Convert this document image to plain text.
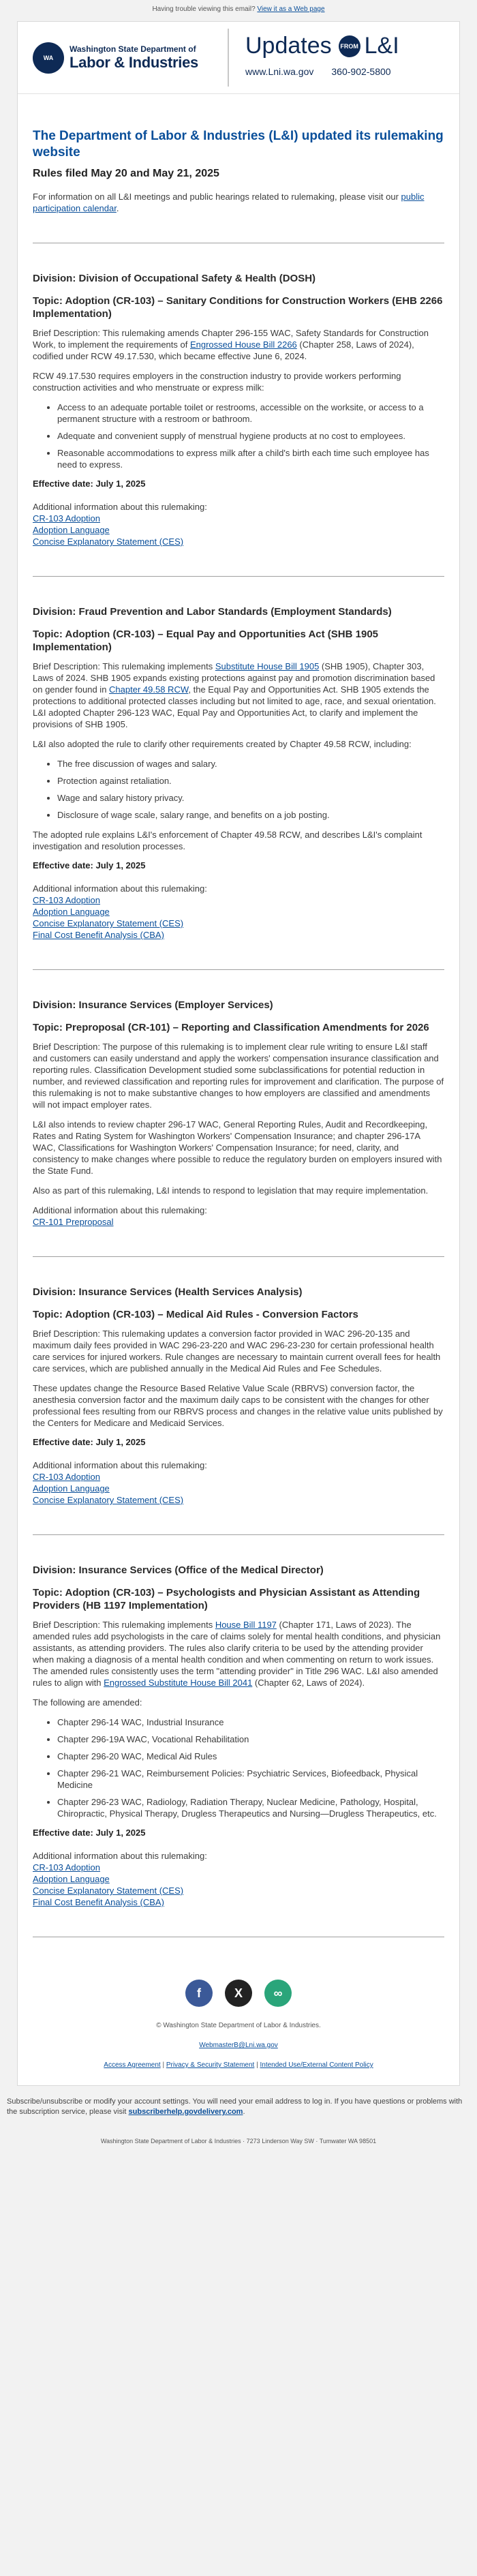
Having trouble viewing this email? View it as a Web page
WA
Washington State Department of
Labor & Industries
Updates	FROM L&I
www.Lni.wa.gov 360-902-5800
The Department of Labor & Industries (L&I) updated its rulemaking website
Rules filed May 20 and May 21, 2025

For information on all L&I meetings and public hearings related to rulemaking, please visit our public participation calendar.

Division: Division of Occupational Safety & Health (DOSH)
Topic: Adoption (CR-103) – Sanitary Conditions for Construction Workers (EHB 2266 Implementation)

Brief Description: This rulemaking amends Chapter 296-155 WAC, Safety Standards for Construction Work, to implement the requirements of Engrossed House Bill 2266 (Chapter 258, Laws of 2024), codified under RCW 49.17.530, which became effective June 6, 2024.

RCW 49.17.530 requires employers in the construction industry to provide workers performing construction activities and who menstruate or express milk:

• Access to an adequate portable toilet or restrooms, accessible on the worksite, or access to a permanent structure with a restroom or bathroom.
• Adequate and convenient supply of menstrual hygiene products at no cost to employees.
• Reasonable accommodations to express milk after a child's birth each time such employee has need to express.
Effective date: July 1, 2025

Additional information about this rulemaking:

CR-103 Adoption
Adoption Language
Concise Explanatory Statement (CES)
Division: Fraud Prevention and Labor Standards (Employment Standards)
Topic: Adoption (CR-103) – Equal Pay and Opportunities Act (SHB 1905 Implementation)

Brief Description: This rulemaking implements Substitute House Bill 1905 (SHB 1905), Chapter 303, Laws of 2024. SHB 1905 expands existing protections against pay and promotion discrimination based on gender found in Chapter 49.58 RCW, the Equal Pay and Opportunities Act. SHB 1905 extends the protections to additional protected classes including but not limited to age, race, and sexual orientation. L&I adopted Chapter 296-123 WAC, Equal Pay and Opportunities Act, to clarify and implement the provisions of SHB 1905.

L&I also adopted the rule to clarify other requirements created by Chapter 49.58 RCW, including:

• The free discussion of wages and salary.
• Protection against retaliation.
• Wage and salary history privacy.
• Disclosure of wage scale, salary range, and benefits on a job posting.

The adopted rule explains L&I's enforcement of Chapter 49.58 RCW, and describes L&I's complaint investigation and resolution processes.

Effective date: July 1, 2025

Additional information about this rulemaking:

CR-103 Adoption
Adoption Language
Concise Explanatory Statement (CES)
Final Cost Benefit Analysis (CBA)
Division: Insurance Services (Employer Services)
Topic: Preproposal (CR-101) – Reporting and Classification Amendments for 2026

Brief Description: The purpose of this rulemaking is to implement clear rule writing to ensure L&I staff and customers can easily understand and apply the workers' compensation insurance classification and reporting rules. Classification Development studied some subclassifications for potential reduction in number, and reviewed classification and reporting rules for improvement and clarification. The purpose of this rulemaking is not to make substantive changes to how employers are classified and amendments will not impact employer rates.

L&I also intends to review chapter 296-17 WAC, General Reporting Rules, Audit and Recordkeeping, Rates and Rating System for Washington Workers' Compensation Insurance; and chapter 296-17A WAC, Classifications for Washington Workers' Compensation Insurance; for need, clarity, and consistency to make changes where possible to reduce the regulatory burden on employers insured with the State Fund.

Also as part of this rulemaking, L&I intends to respond to legislation that may require implementation.

Additional information about this rulemaking:

CR-101 Preproposal
Division: Insurance Services (Health Services Analysis)
Topic: Adoption (CR-103) – Medical Aid Rules - Conversion Factors

Brief Description: This rulemaking updates a conversion factor provided in WAC 296-20-135 and maximum daily fees provided in WAC 296-23-220 and WAC 296-23-230 for certain professional health care services for injured workers. Rule changes are necessary to maintain current overall fees for health care services, which are published annually in the Medical Aid Rules and Fee Schedules.

These updates change the Resource Based Relative Value Scale (RBRVS) conversion factor, the anesthesia conversion factor and the maximum daily caps to be consistent with the changes for other professional fees resulting from our RBRVS process and changes in the relative value units published by the Centers for Medicare and Medicaid Services.

Effective date: July 1, 2025

Additional information about this rulemaking:

CR-103 Adoption
Adoption Language
Concise Explanatory Statement (CES)
Division: Insurance Services (Office of the Medical Director)
Topic: Adoption (CR-103) – Psychologists and Physician Assistant as Attending Providers (HB 1197 Implementation)

Brief Description: This rulemaking implements House Bill 1197 (Chapter 171, Laws of 2023). The amended rules add psychologists in the care of claims solely for mental health conditions, and physician assistants, as attending providers. The rules also clarify criteria to be used by the attending provider when making a diagnosis of a mental health condition and when commenting on return to work issues. The amended rules consistently uses the term "attending provider" in Title 296 WAC. L&I also amended rules to align with Engrossed Substitute House Bill 2041 (Chapter 62, Laws of 2024).

The following are amended:

• Chapter 296-14 WAC, Industrial Insurance
• Chapter 296-19A WAC, Vocational Rehabilitation
• Chapter 296-20 WAC, Medical Aid Rules
• Chapter 296-21 WAC, Reimbursement Policies: Psychiatric Services, Biofeedback, Physical Medicine
• Chapter 296-23 WAC, Radiology, Radiation Therapy, Nuclear Medicine, Pathology, Hospital, Chiropractic, Physical Therapy, Drugless Therapeutics and Nursing—Drugless Therapeutics, etc.
Effective date: July 1, 2025

Additional information about this rulemaking:

CR-103 Adoption
Adoption Language
Concise Explanatory Statement (CES)
Final Cost Benefit Analysis (CBA)
f	X	∞
© Washington State Department of Labor & Industries.
WebmasterB@Lni.wa.gov
Access Agreement | Privacy & Security Statement | Intended Use/External Content Policy
Subscribe/unsubscribe or modify your account settings. You will need your email address to log in. If you have questions or problems with the subscription service, please visit subscriberhelp.govdelivery.com.
Washington State Department of Labor & Industries · 7273 Linderson Way SW · Tumwater WA 98501
